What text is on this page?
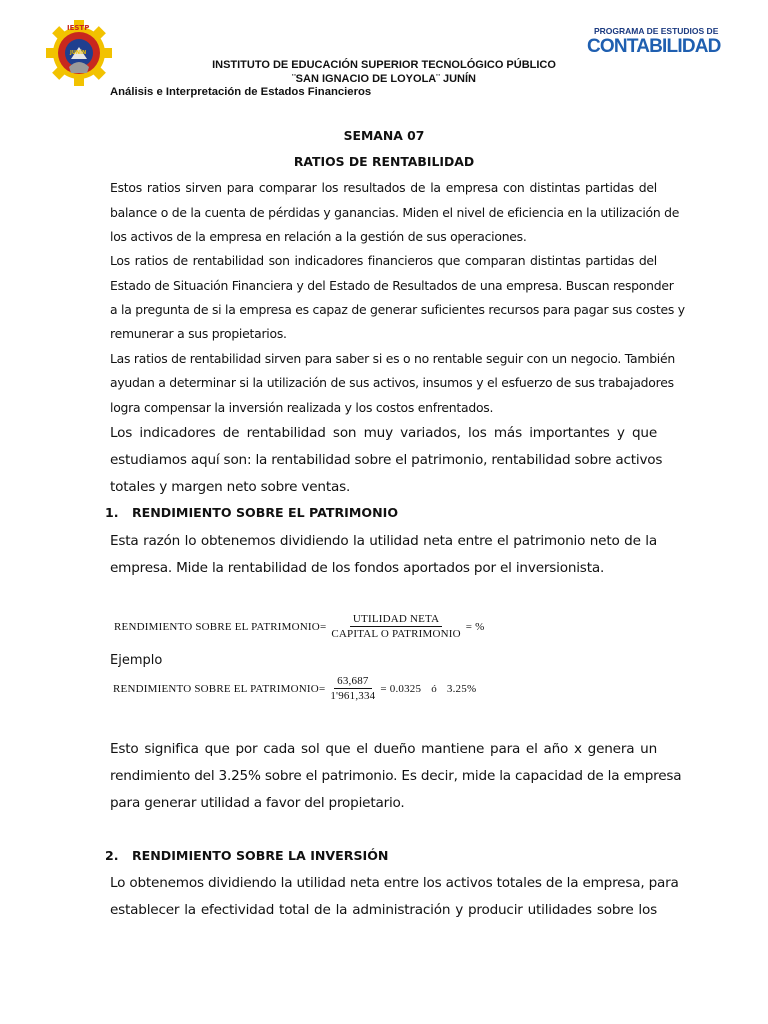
IESTP
JUNÍN
PROGRAMA DE ESTUDIOS DE
CONTABILIDAD
INSTITUTO DE EDUCACIÓN SUPERIOR TECNOLÓGICO PÚBLICO
¨SAN IGNACIO DE LOYOLA¨ JUNÍN
Análisis e Interpretación de Estados Financieros
SEMANA 07
RATIOS DE RENTABILIDAD
Estos ratios sirven para comparar los resultados de la empresa con distintas partidas del
balance o de la cuenta de pérdidas y ganancias. Miden el nivel de eficiencia en la utilización de
los activos de la empresa en relación a la gestión de sus operaciones.
Los ratios de rentabilidad son indicadores financieros que comparan distintas partidas del
Estado de Situación Financiera y del Estado de Resultados de una empresa. Buscan responder
a la pregunta de si la empresa es capaz de generar suficientes recursos para pagar sus costes y
remunerar a sus propietarios.
Las ratios de rentabilidad sirven para saber si es o no rentable seguir con un negocio. También
ayudan a determinar si la utilización de sus activos, insumos y el esfuerzo de sus trabajadores
logra compensar la inversión realizada y los costos enfrentados.
Los indicadores de rentabilidad son muy variados, los más importantes y que
estudiamos aquí son: la rentabilidad sobre el patrimonio, rentabilidad sobre activos
totales y margen neto sobre ventas.
1. RENDIMIENTO SOBRE EL PATRIMONIO
Esta razón lo obtenemos dividiendo la utilidad neta entre el patrimonio neto de la
empresa. Mide la rentabilidad de los fondos aportados por el inversionista.
RENDIMIENTO SOBRE EL PATRIMONIO= $\frac{\text{UTILIDAD NETA}}{\text{CAPITAL O PATRIMONIO}}$ = %
Ejemplo
RENDIMIENTO SOBRE EL PATRIMONIO= $\frac{63,687}{1'961,334} = 0.0325$ ó 3.25%
Esto significa que por cada sol que el dueño mantiene para el año x genera un
rendimiento del 3.25% sobre el patrimonio. Es decir, mide la capacidad de la empresa
para generar utilidad a favor del propietario.
2. RENDIMIENTO SOBRE LA INVERSIÓN
Lo obtenemos dividiendo la utilidad neta entre los activos totales de la empresa, para
establecer la efectividad total de la administración y producir utilidades sobre los
